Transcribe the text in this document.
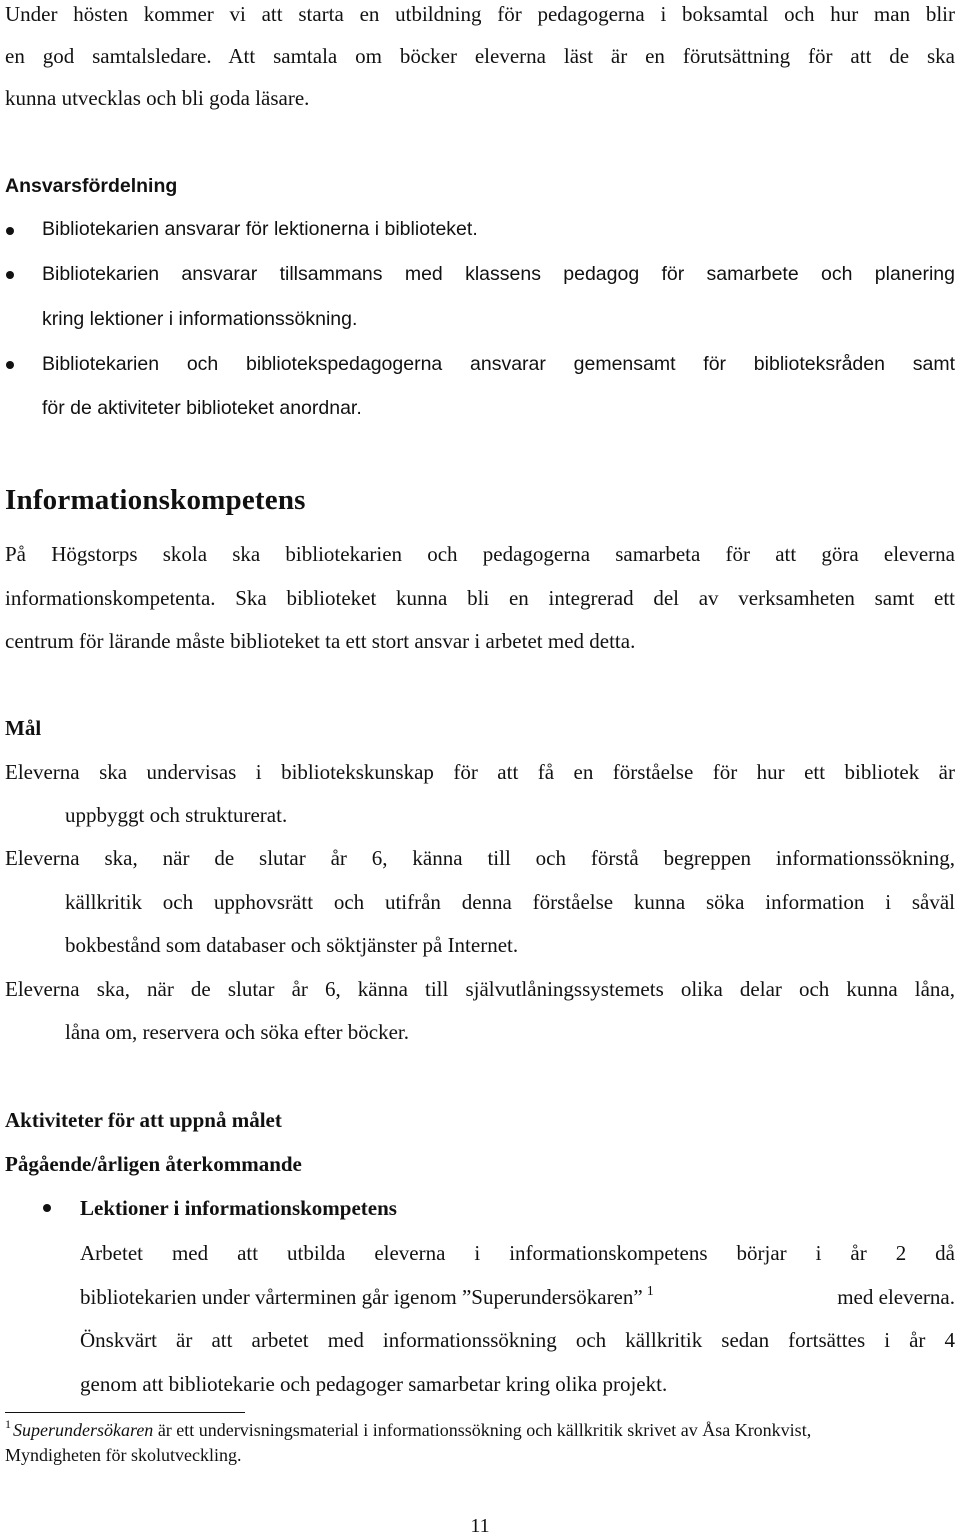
Under hösten kommer vi att starta en utbildning för pedagogerna i boksamtal och hur man blir
en god samtalsledare. Att samtala om böcker eleverna läst är en förutsättning för att de ska
kunna utvecklas och bli goda läsare.
Ansvarsfördelning
Bibliotekarien ansvarar för lektionerna i biblioteket.
Bibliotekarien ansvarar tillsammans med klassens pedagog för samarbete och planering
kring lektioner i informationssökning.
Bibliotekarien och bibliotekspedagogerna ansvarar gemensamt för biblioteksråden samt
för de aktiviteter biblioteket anordnar.
Informationskompetens
På Högstorps skola ska bibliotekarien och pedagogerna samarbeta för att göra eleverna
informationskompetenta. Ska biblioteket kunna bli en integrerad del av verksamheten samt ett
centrum för lärande måste biblioteket ta ett stort ansvar i arbetet med detta.
Mål
Eleverna ska undervisas i bibliotekskunskap för att få en förståelse för hur ett bibliotek är
uppbyggt och strukturerat.
Eleverna ska, när de slutar år 6, känna till och förstå begreppen informationssökning,
källkritik och upphovsrätt och utifrån denna förståelse kunna söka information i såväl
bokbestånd som databaser och söktjänster på Internet.
Eleverna ska, när de slutar år 6, känna till självutlåningssystemets olika delar och kunna låna,
låna om, reservera och söka efter böcker.
Aktiviteter för att uppnå målet
Pågående/årligen återkommande
Lektioner i informationskompetens
Arbetet med att utbilda eleverna i informationskompetens börjar i år 2 då
bibliotekarien under vårterminen går igenom ”Superundersökaren” $^1$	med eleverna.
Önskvärt är att arbetet med informationssökning och källkritik sedan fortsättes i år 4
genom att bibliotekarie och pedagoger samarbetar kring olika projekt.
$^1$ Superundersökaren är ett undervisningsmaterial i informationssökning och källkritik skrivet av Åsa Kronkvist,
Myndigheten för skolutveckling.
11
